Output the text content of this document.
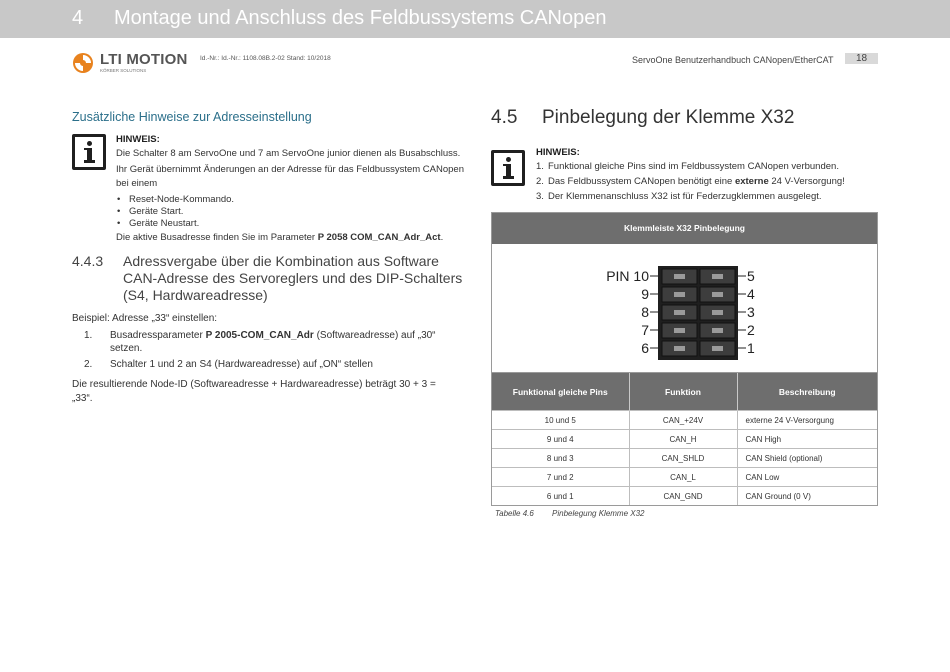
4 Montage und Anschluss des Feldbussystems CANopen
LTI MOTION
KÖRBER SOLUTIONS
Id.-Nr.: Id.-Nr.: 1108.08B.2-02 Stand: 10/2018	ServoOne Benutzerhandbuch CANopen/EtherCAT	18
Zusätzliche Hinweise zur Adresseinstellung
HINWEIS:
Die Schalter 8 am ServoOne und 7 am ServoOne junior dienen als Busabschluss.
Ihr Gerät übernimmt Änderungen an der Adresse für das Feldbussystem CANopen bei einem
• Reset-Node-Kommando.
• Geräte Start.
• Geräte Neustart.
Die aktive Busadresse finden Sie im Parameter P 2058 COM_CAN_Adr_Act.
4.4.3 Adressvergabe über die Kombination aus Software CAN-Adresse des Servoreglers und des DIP-Schalters (S4, Hardwareadresse)
Beispiel: Adresse „33“ einstellen:
1. Busadressparameter P 2005-COM_CAN_Adr (Softwareadresse) auf „30“ setzen.
2. Schalter 1 und 2 an S4 (Hardwareadresse) auf „ON“ stellen
Die resultierende Node-ID (Softwareadresse + Hardwareadresse) beträgt 30 + 3 = „33“.
4.5 Pinbelegung der Klemme X32
HINWEIS:
1. Funktional gleiche Pins sind im Feldbussystem CANopen verbunden.
2. Das Feldbussystem CANopen benötigt eine externe 24 V-Versorgung!
3. Der Klemmenanschluss X32 ist für Federzugklemmen ausgelegt.
Klemmleiste X32 Pinbelegung
PIN 10
9
8
7
6
5
4
3
2
1
Funktional gleiche Pins	Funktion	Beschreibung
10 und 5	CAN_+24V	externe 24 V-Versorgung
9 und 4	CAN_H	CAN High
8 und 3	CAN_SHLD	CAN Shield (optional)
7 und 2	CAN_L	CAN Low
6 und 1	CAN_GND	CAN Ground (0 V)
Tabelle 4.6 Pinbelegung Klemme X32
